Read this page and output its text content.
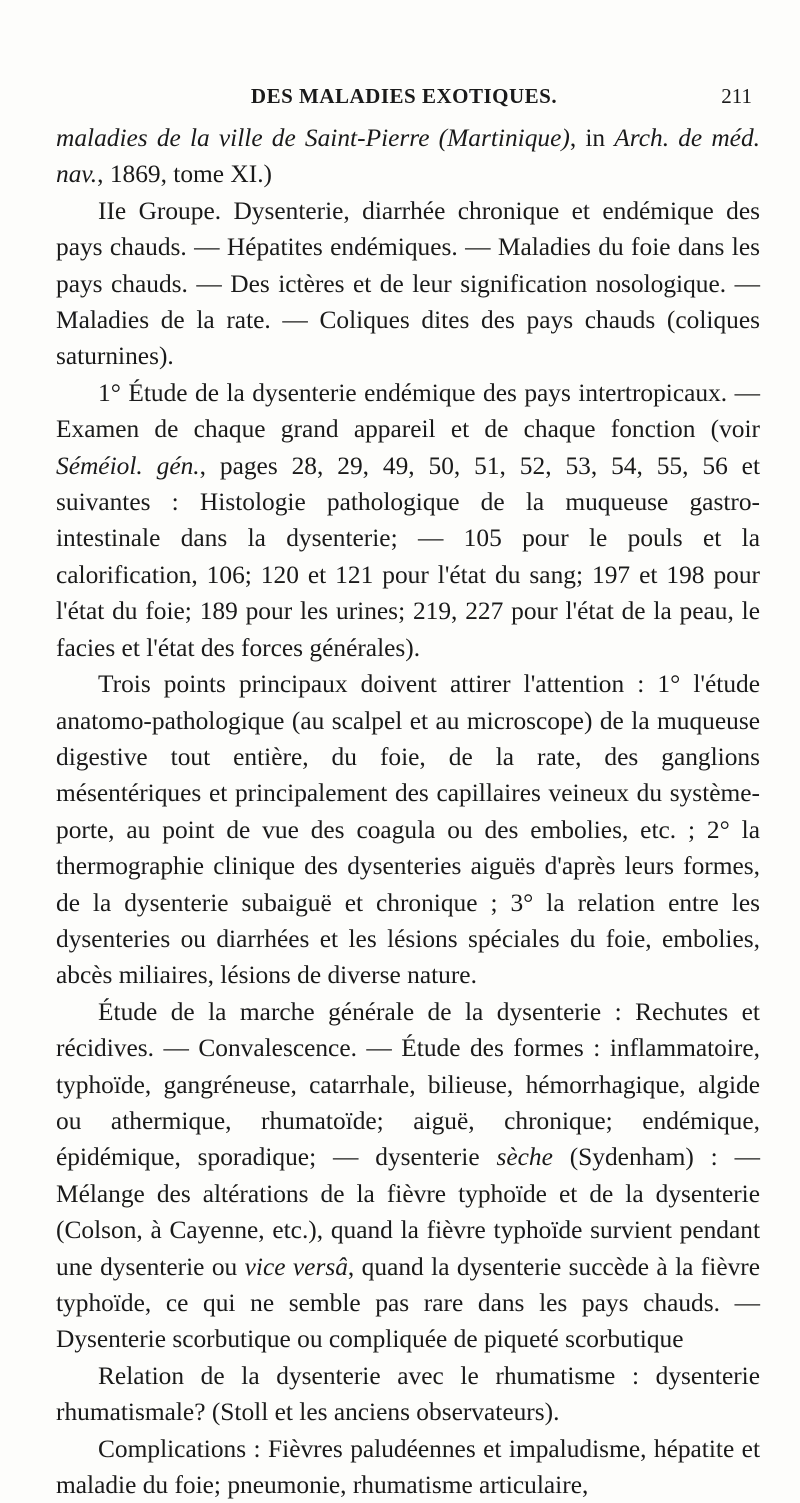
DES MALADIES EXOTIQUES.	211

maladies de la ville de Saint-Pierre (Martinique), in Arch. de méd. nav., 1869, tome XI.)

IIe Groupe. Dysenterie, diarrhée chronique et endémique des pays chauds. — Hépatites endémiques. — Maladies du foie dans les pays chauds. — Des ictères et de leur signification nosologique. — Maladies de la rate. — Coliques dites des pays chauds (coliques saturnines).

1° Étude de la dysenterie endémique des pays intertropicaux. — Examen de chaque grand appareil et de chaque fonction (voir Séméiol. gén., pages 28, 29, 49, 50, 51, 52, 53, 54, 55, 56 et suivantes : Histologie pathologique de la muqueuse gastro-intestinale dans la dysenterie; — 105 pour le pouls et la calorification, 106; 120 et 121 pour l'état du sang; 197 et 198 pour l'état du foie; 189 pour les urines; 219, 227 pour l'état de la peau, le facies et l'état des forces générales).

Trois points principaux doivent attirer l'attention : 1° l'étude anatomo-pathologique (au scalpel et au microscope) de la muqueuse digestive tout entière, du foie, de la rate, des ganglions mésentériques et principalement des capillaires veineux du système-porte, au point de vue des coagula ou des embolies, etc. ; 2° la thermographie clinique des dysenteries aiguës d'après leurs formes, de la dysenterie subaiguë et chronique ; 3° la relation entre les dysenteries ou diarrhées et les lésions spéciales du foie, embolies, abcès miliaires, lésions de diverse nature.

Étude de la marche générale de la dysenterie : Rechutes et récidives. — Convalescence. — Étude des formes : inflammatoire, typhoïde, gangréneuse, catarrhale, bilieuse, hémorrhagique, algide ou athermique, rhumatoïde; aiguë, chronique; endémique, épidémique, sporadique; — dysenterie sèche (Sydenham) : — Mélange des altérations de la fièvre typhoïde et de la dysenterie (Colson, à Cayenne, etc.), quand la fièvre typhoïde survient pendant une dysenterie ou vice versâ, quand la dysenterie succède à la fièvre typhoïde, ce qui ne semble pas rare dans les pays chauds. — Dysenterie scorbutique ou compliquée de piqueté scorbutique

Relation de la dysenterie avec le rhumatisme : dysenterie rhumatismale? (Stoll et les anciens observateurs).

Complications : Fièvres paludéennes et impaludisme, hépatite et maladie du foie; pneumonie, rhumatisme articulaire,
